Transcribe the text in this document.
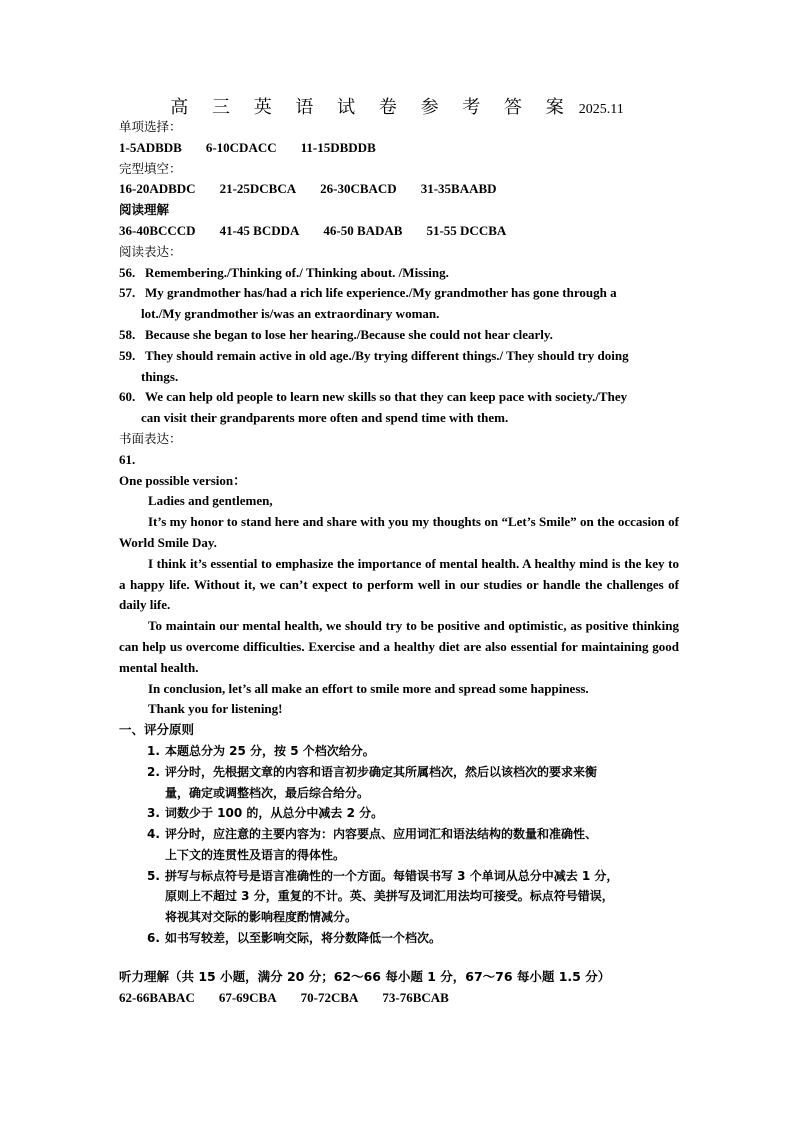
高 三 英 语 试 卷 参 考 答 案 2025.11
单项选择：
1-5ADBDB 6-10CDACC 11-15DBDDB
完型填空：
16-20ADBDC 21-25DCBCA 26-30CBACD 31-35BAABD
阅读理解
36-40BCCCD 41-45 BCDDA 46-50 BADAB 51-55 DCCBA
阅读表达：
56. Remembering./Thinking of./ Thinking about. /Missing.
57. My grandmother has/had a rich life experience./My grandmother has gone through a
lot./My grandmother is/was an extraordinary woman.
58. Because she began to lose her hearing./Because she could not hear clearly.
59. They should remain active in old age./By trying different things./ They should try doing
things.
60. We can help old people to learn new skills so that they can keep pace with society./They
can visit their grandparents more often and spend time with them.
书面表达：
61.
One possible version：
Ladies and gentlemen,
It’s my honor to stand here and share with you my thoughts on “Let’s Smile” on the occasion of World Smile Day.
I think it’s essential to emphasize the importance of mental health. A healthy mind is the key to a happy life. Without it, we can’t expect to perform well in our studies or handle the challenges of daily life.
To maintain our mental health, we should try to be positive and optimistic, as positive thinking can help us overcome difficulties. Exercise and a healthy diet are also essential for maintaining good mental health.
In conclusion, let’s all make an effort to smile more and spread some happiness.
Thank you for listening!
一、评分原则
1. 本题总分为 25 分，按 5 个档次给分。
2. 评分时，先根据文章的内容和语言初步确定其所属档次，然后以该档次的要求来衡
量，确定或调整档次，最后综合给分。
3. 词数少于 100 的，从总分中减去 2 分。
4. 评分时，应注意的主要内容为：内容要点、应用词汇和语法结构的数量和准确性、
上下文的连贯性及语言的得体性。
5. 拼写与标点符号是语言准确性的一个方面。每错误书写 3 个单词从总分中减去 1 分，
原则上不超过 3 分，重复的不计。英、美拼写及词汇用法均可接受。标点符号错误，
将视其对交际的影响程度酌情减分。
6. 如书写较差，以至影响交际，将分数降低一个档次。
听力理解（共 15 小题，满分 20 分；62～66 每小题 1 分，67～76 每小题 1.5 分）
62-66BABAC 67-69CBA 70-72CBA 73-76BCAB
